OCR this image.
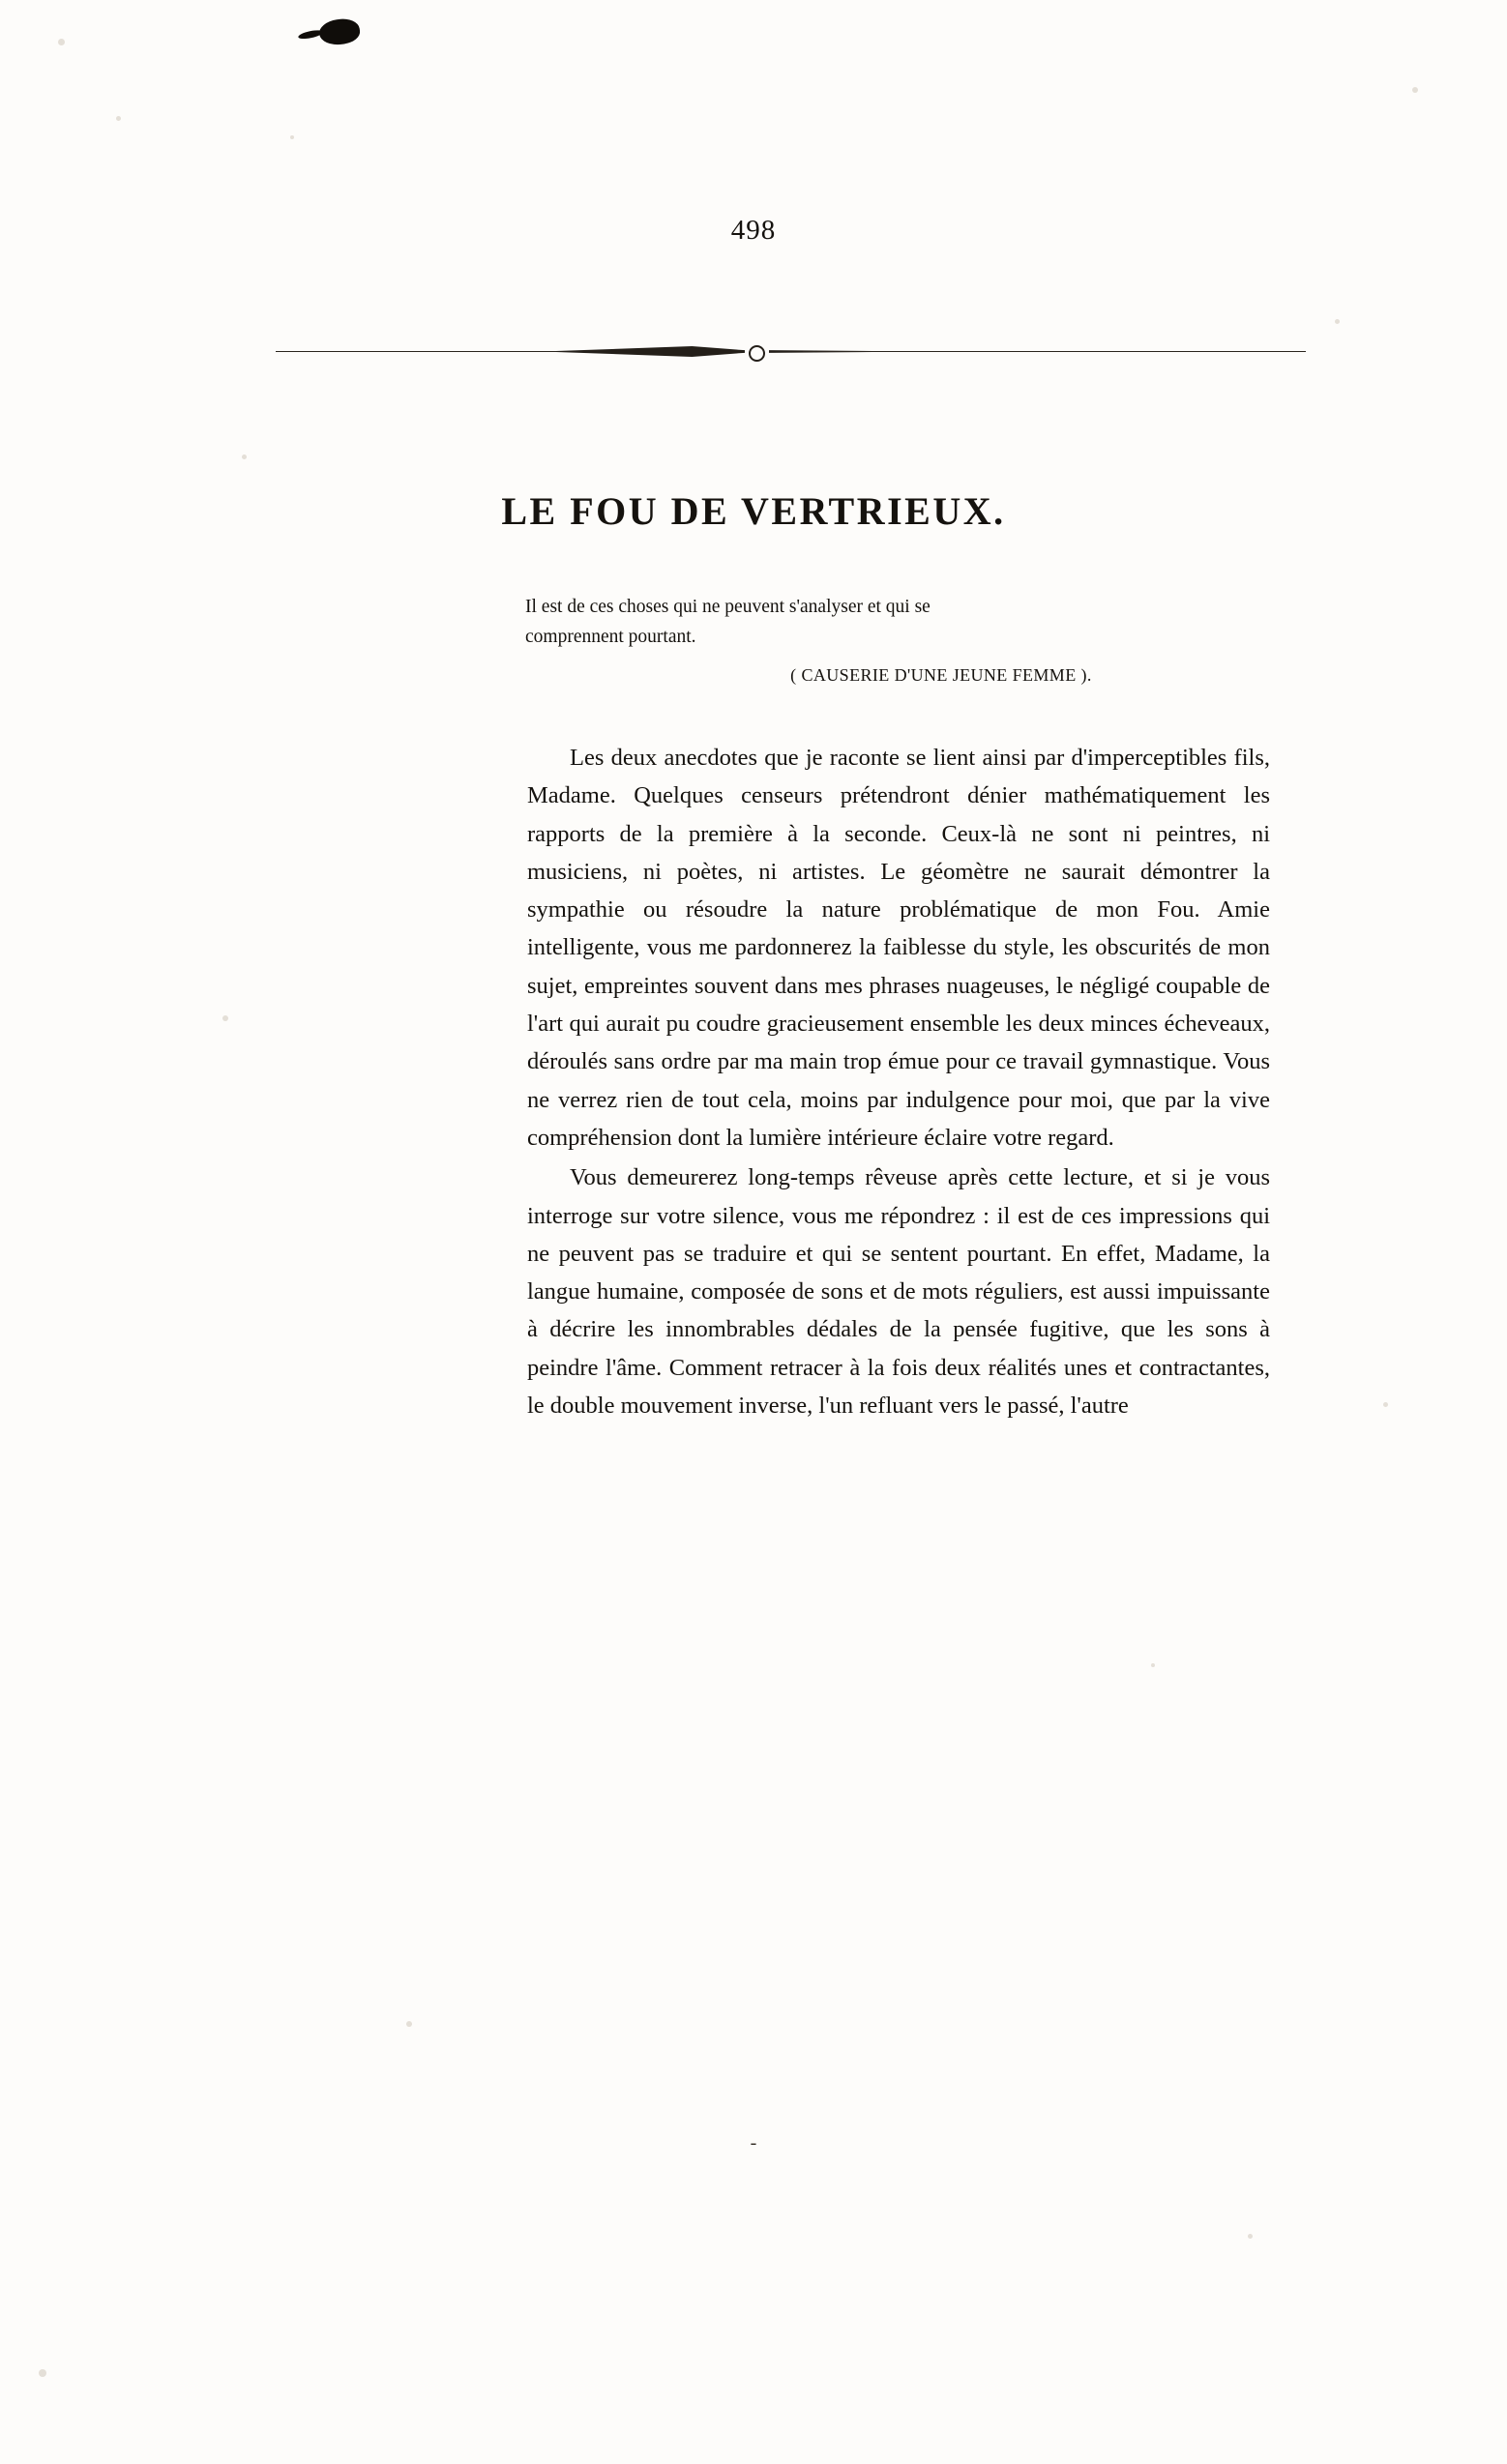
498
LE FOU DE VERTRIEUX.
Il est de ces choses qui ne peuvent s'analyser et qui se
comprennent pourtant.
( CAUSERIE D'UNE JEUNE FEMME ).

Les deux anecdotes que je raconte se lient ainsi par d'imperceptibles fils, Madame. Quelques censeurs prétendront dénier mathématiquement les rapports de la première à la seconde. Ceux-là ne sont ni peintres, ni musiciens, ni poètes, ni artistes. Le géomètre ne saurait démontrer la sympathie ou résoudre la nature problématique de mon Fou. Amie intelligente, vous me pardonnerez la faiblesse du style, les obscurités de mon sujet, empreintes souvent dans mes phrases nuageuses, le négligé coupable de l'art qui aurait pu coudre gracieusement ensemble les deux minces écheveaux, déroulés sans ordre par ma main trop émue pour ce travail gymnastique. Vous ne verrez rien de tout cela, moins par indulgence pour moi, que par la vive compréhension dont la lumière intérieure éclaire votre regard.

Vous demeurerez long-temps rêveuse après cette lecture, et si je vous interroge sur votre silence, vous me répondrez : il est de ces impressions qui ne peuvent pas se traduire et qui se sentent pourtant. En effet, Madame, la langue humaine, composée de sons et de mots réguliers, est aussi impuissante à décrire les innombrables dédales de la pensée fugitive, que les sons à peindre l'âme. Comment retracer à la fois deux réalités unes et contractantes, le double mouvement inverse, l'un refluant vers le passé, l'autre

-
